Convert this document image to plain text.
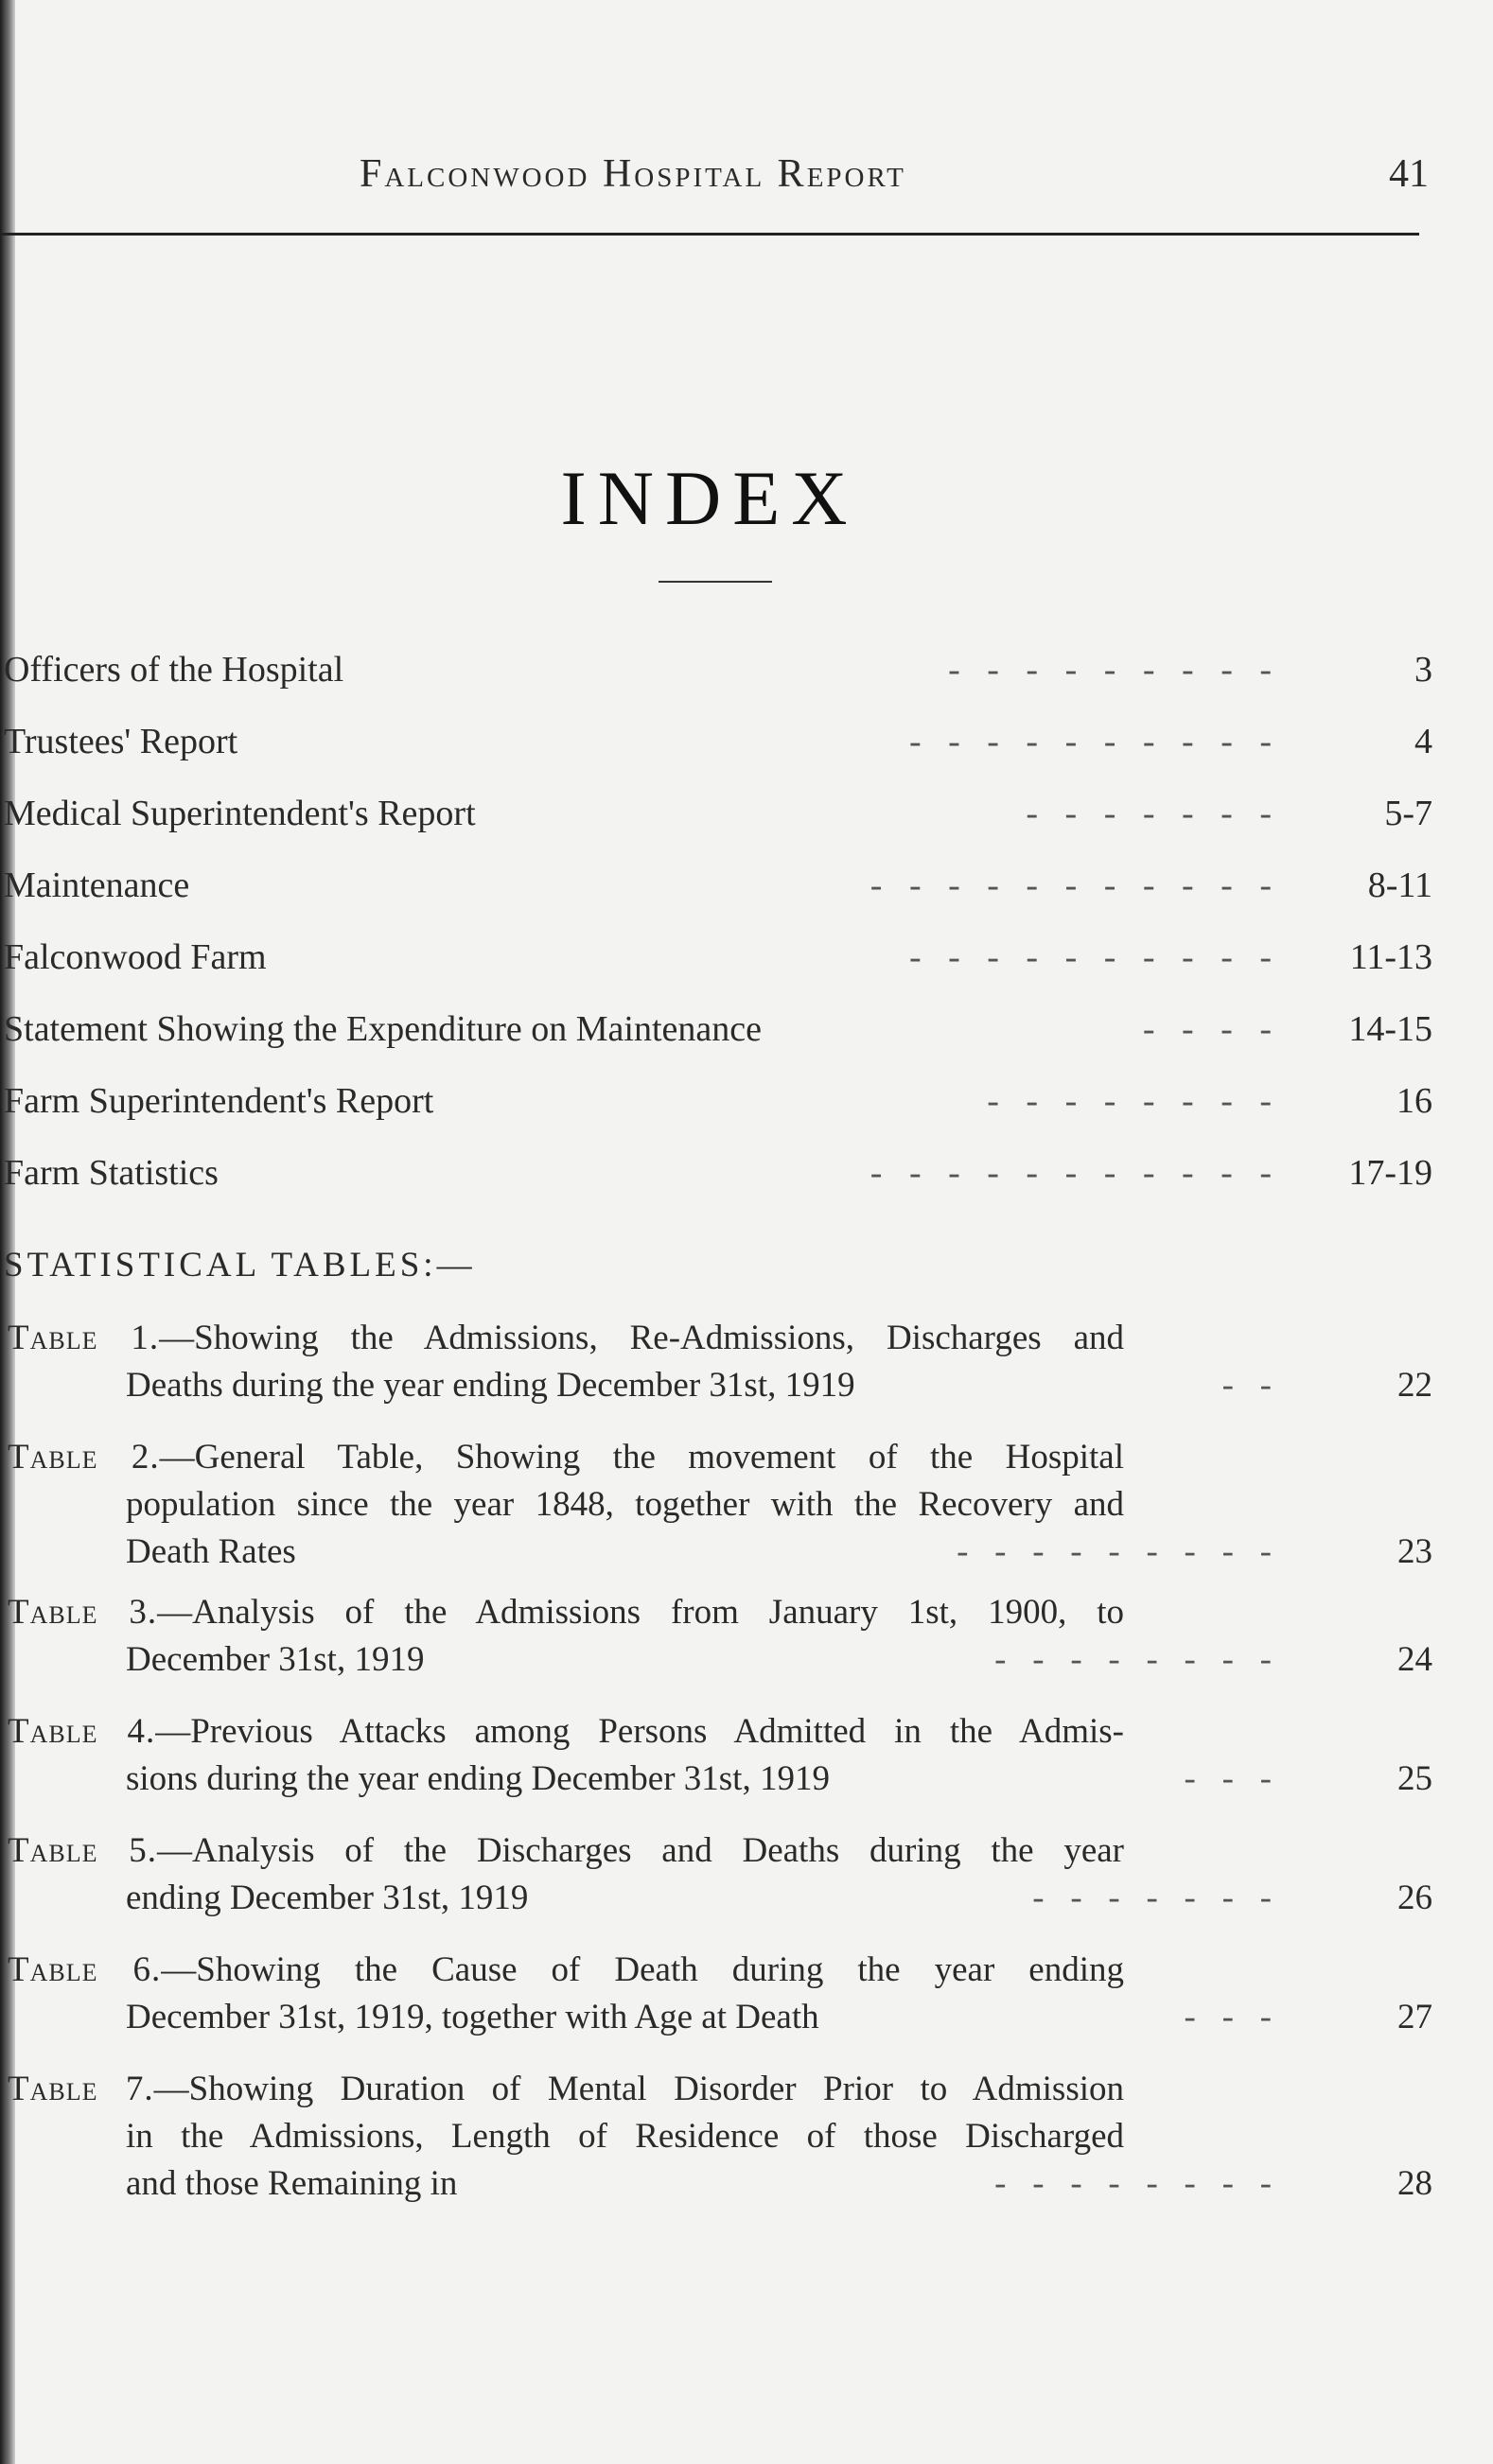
Falconwood Hospital Report	41
INDEX
Officers of the Hospital	-   -   -   -   -   -   -   -   -	3
Trustees' Report	-   -   -   -   -   -   -   -   -   -	4
Medical Superintendent's Report	-   -   -   -   -   -   -	5-7
Maintenance	-   -   -   -   -   -   -   -   -   -   -	8-11
Falconwood Farm	-   -   -   -   -   -   -   -   -   - 11-13
Statement Showing the Expenditure on Maintenance	-   -   -   - 14-15
Farm Superintendent's Report	-   -   -   -   -   -   -   -	16
Farm Statistics	-   -   -   -   -   -   -   -   -   -   - 17-19
STATISTICAL TABLES:—
Table 1.—Showing the Admissions, Re-Admissions, Discharges and
Deaths during the year ending December 31st, 1919	-   -	22
Table 2.—General Table, Showing the movement of the Hospital
population since the year 1848, together with the Recovery and
Death Rates	-   -   -   -   -   -   -   -   -	23
Table 3.—Analysis of the Admissions from January 1st, 1900, to
December 31st, 1919	-   -   -   -   -   -   -   -	24
Table 4.—Previous Attacks among Persons Admitted in the Admis-
sions during the year ending December 31st, 1919	-   -   -	25
Table 5.—Analysis of the Discharges and Deaths during the year
ending December 31st, 1919	-   -   -   -   -   -   -	26
Table 6.—Showing the Cause of Death during the year ending
December 31st, 1919, together with Age at Death	-   -   -	27
Table 7.—Showing Duration of Mental Disorder Prior to Admission
in the Admissions, Length of Residence of those Discharged
and those Remaining in	-   -   -   -   -   -   -   -	28
